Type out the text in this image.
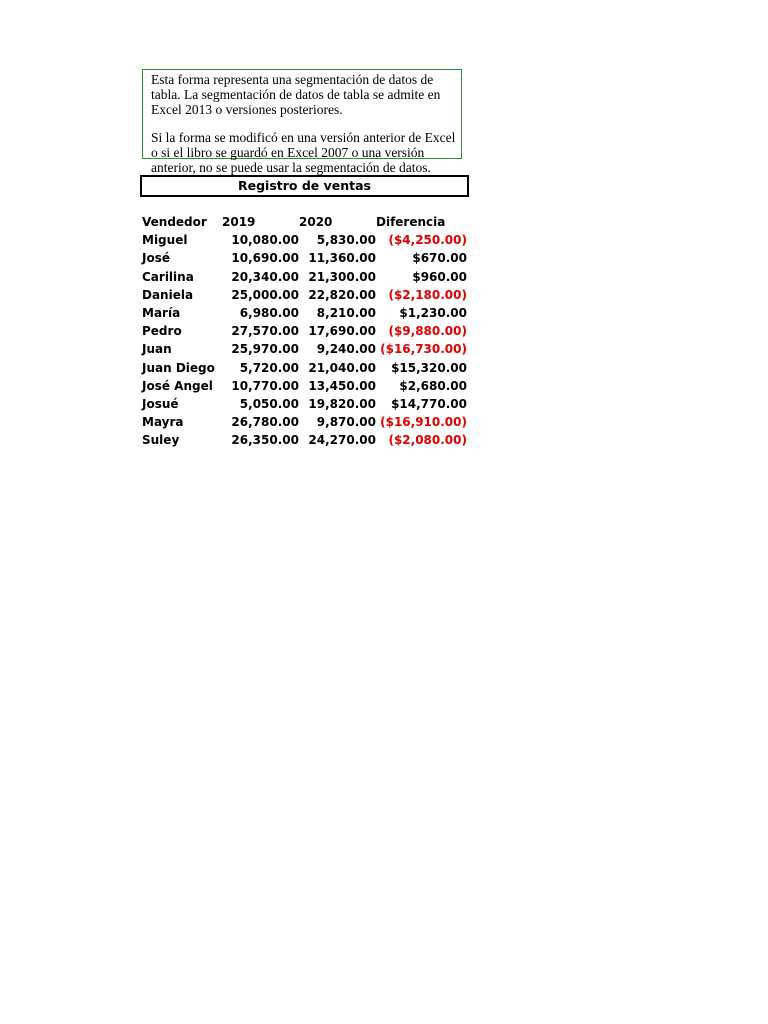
Esta forma representa una segmentación de datos de tabla. La segmentación de datos de tabla se admite en Excel 2013 o versiones posteriores.

Si la forma se modificó en una versión anterior de Excel o si el libro se guardó en Excel 2007 o una versión anterior, no se puede usar la segmentación de datos.

Registro de ventas
Vendedor	2019	2020	Diferencia
Miguel	10,080.00	5,830.00	($4,250.00)
José	10,690.00	11,360.00	$670.00
Carilina	20,340.00	21,300.00	$960.00
Daniela	25,000.00	22,820.00	($2,180.00)
María	6,980.00	8,210.00	$1,230.00
Pedro	27,570.00	17,690.00	($9,880.00)
Juan	25,970.00	9,240.00	($16,730.00)
Juan Diego	5,720.00	21,040.00	$15,320.00
José Angel	10,770.00	13,450.00	$2,680.00
Josué	5,050.00	19,820.00	$14,770.00
Mayra	26,780.00	9,870.00	($16,910.00)
Suley	26,350.00	24,270.00	($2,080.00)
